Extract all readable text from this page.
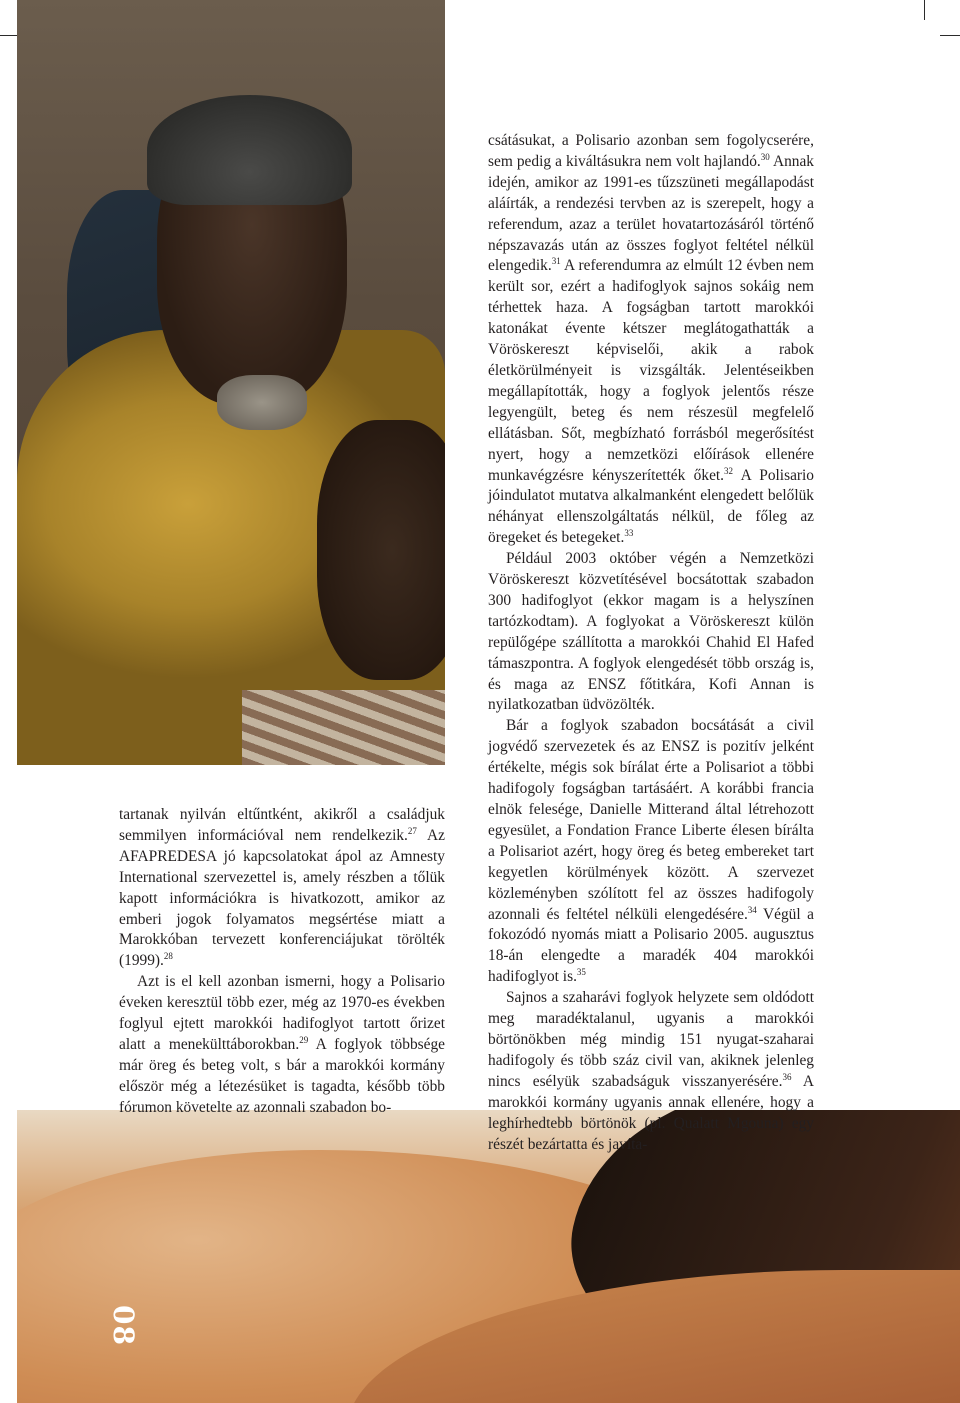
08

tartanak nyilván eltűntként, akikről a családjuk semmilyen információval nem rendelkezik.$^{27}$ Az AFAPREDESA jó kapcsolatokat ápol az Amnesty International szervezettel is, amely részben a tőlük kapott információkra is hivatkozott, amikor az emberi jogok folyamatos megsértése miatt a Marokkóban tervezett konferenciájukat törölték (1999).$^{28}$

Azt is el kell azonban ismerni, hogy a Polisario éveken keresztül több ezer, még az 1970-es években foglyul ejtett marokkói hadifoglyot tartott őrizet alatt a menekülttáborokban.$^{29}$ A foglyok többsége már öreg és beteg volt, s bár a marokkói kormány először még a létezésüket is tagadta, később több fórumon követelte az azonnali szabadon bo-

csátásukat, a Polisario azonban sem fogolycserére, sem pedig a kiváltásukra nem volt hajlandó.$^{30}$ Annak idején, amikor az 1991-es tűzszüneti megállapodást aláírták, a rendezési tervben az is szerepelt, hogy a referendum, azaz a terület hovatartozásáról történő népszavazás után az összes foglyot feltétel nélkül elengedik.$^{31}$ A referendumra az elmúlt 12 évben nem került sor, ezért a hadifoglyok sajnos sokáig nem térhettek haza. A fogságban tartott marokkói katonákat évente kétszer meglátogathatták a Vöröskereszt képviselői, akik a rabok életkörülményeit is vizsgálták. Jelentéseikben megállapították, hogy a foglyok jelentős része legyengült, beteg és nem részesül megfelelő ellátásban. Sőt, megbízható forrásból megerősítést nyert, hogy a nemzetközi előírások ellenére munkavégzésre kényszerítették őket.$^{32}$ A Polisario jóindulatot mutatva alkalmanként elengedett belőlük néhányat ellenszolgáltatás nélkül, de főleg az öregeket és betegeket.$^{33}$

Például 2003 október végén a Nemzetközi Vöröskereszt közvetítésével bocsátottak szabadon 300 hadifoglyot (ekkor magam is a helyszínen tartózkodtam). A foglyokat a Vöröskereszt külön repülőgépe szállította a marokkói Chahid El Hafed támaszpontra. A foglyok elengedését több ország is, és maga az ENSZ főtitkára, Kofi Annan is nyilatkozatban üdvözölték.

Bár a foglyok szabadon bocsátását a civil jogvédő szervezetek és az ENSZ is pozitív jelként értékelte, mégis sok bírálat érte a Polisariot a többi hadifogoly fogságban tartásáért. A korábbi francia elnök felesége, Danielle Mitterand által létrehozott egyesület, a Fondation France Liberte élesen bírálta a Polisariot azért, hogy öreg és beteg embereket tart kegyetlen körülmények között. A szervezet közleményben szólított fel az összes hadifogoly azonnali és feltétel nélküli elengedésére.$^{34}$ Végül a fokozódó nyomás miatt a Polisario 2005. augusztus 18-án elengedte a maradék 404 marokkói hadifoglyot is.$^{35}$

Sajnos a szaharávi foglyok helyzete sem oldódott meg maradéktalanul, ugyanis a marokkói börtönökben még mindig 151 nyugat-szaharai hadifogoly és több száz civil van, akiknek jelenleg nincs esélyük szabadságuk visszanyerésére.$^{36}$ A marokkói kormány ugyanis annak ellenére, hogy a leghírhedtebb börtönök (pl. Qualatt Mgouna) egy részét bezártatta és javíta-
